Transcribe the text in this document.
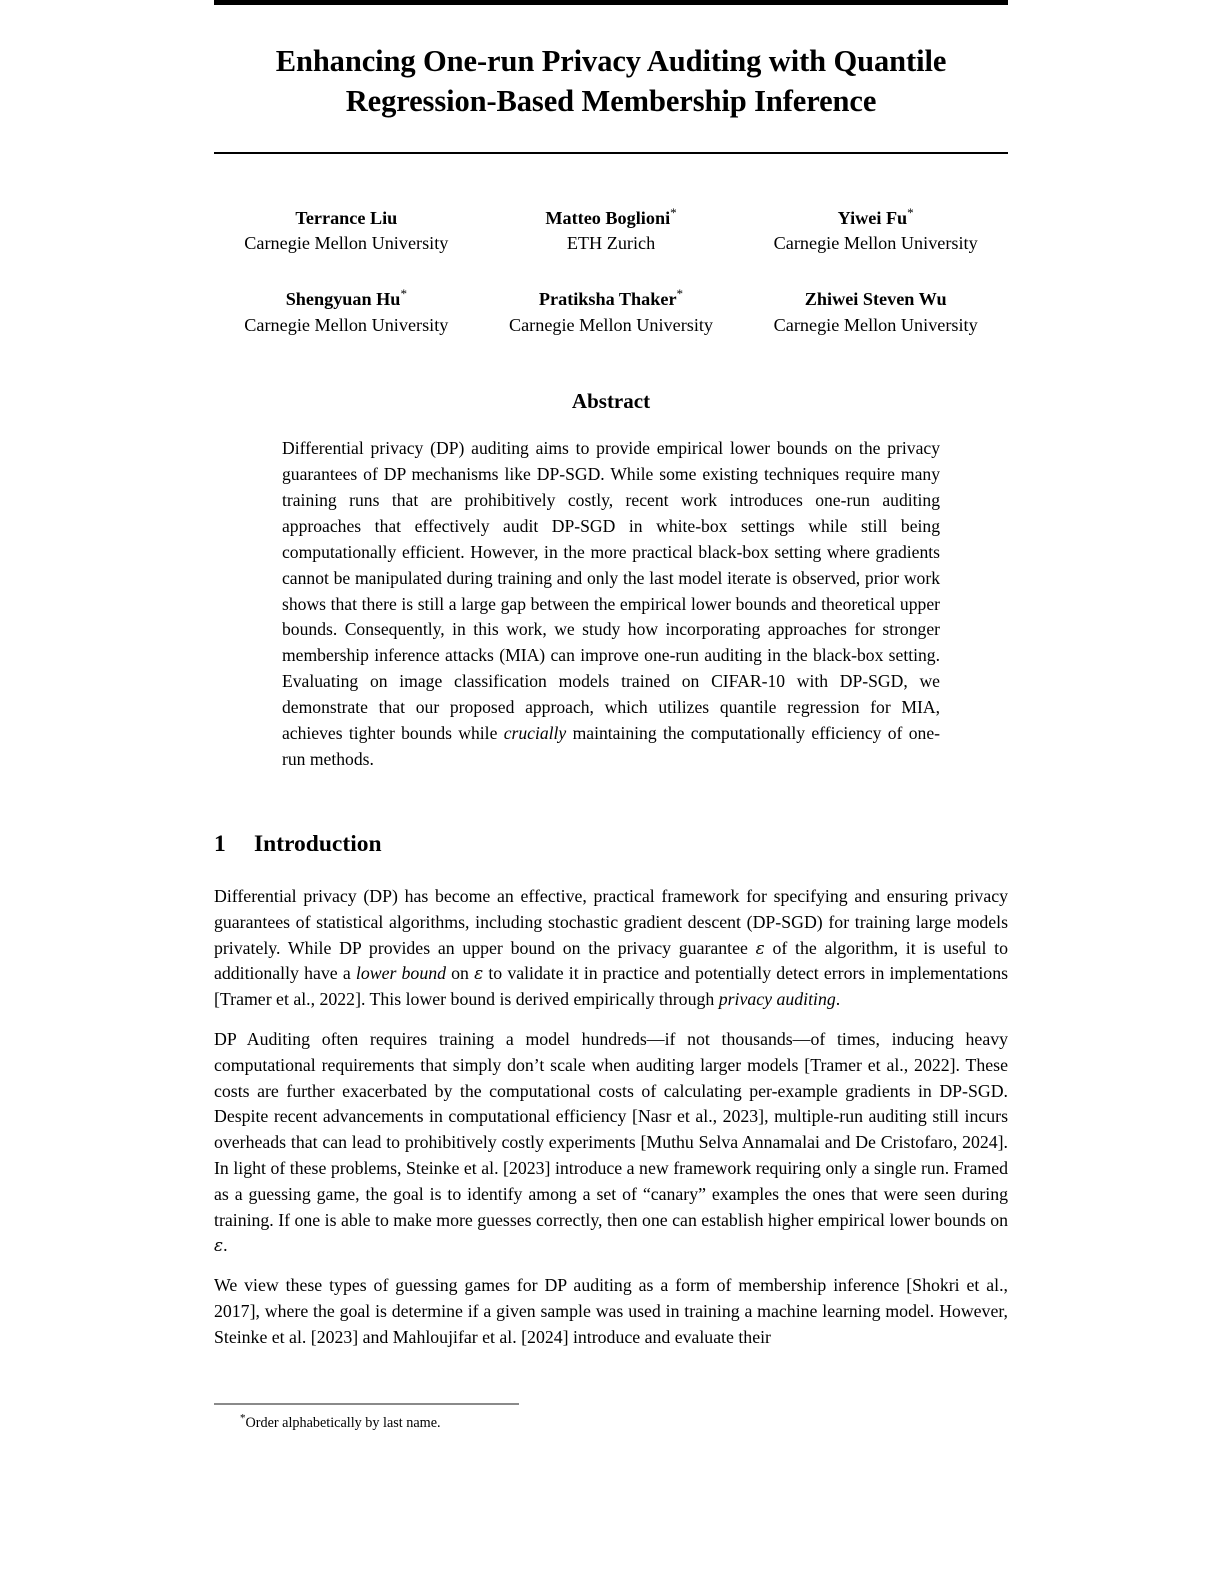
Enhancing One-run Privacy Auditing with Quantile
Regression-Based Membership Inference
Terrance Liu
Carnegie Mellon University
Matteo Boglioni*
ETH Zurich
Yiwei Fu*
Carnegie Mellon University
Shengyuan Hu*
Carnegie Mellon University
Pratiksha Thaker*
Carnegie Mellon University
Zhiwei Steven Wu
Carnegie Mellon University
Abstract
Differential privacy (DP) auditing aims to provide empirical lower bounds on the privacy guarantees of DP mechanisms like DP-SGD. While some existing techniques require many training runs that are prohibitively costly, recent work introduces one-run auditing approaches that effectively audit DP-SGD in white-box settings while still being computationally efficient. However, in the more practical black-box setting where gradients cannot be manipulated during training and only the last model iterate is observed, prior work shows that there is still a large gap between the empirical lower bounds and theoretical upper bounds. Consequently, in this work, we study how incorporating approaches for stronger membership inference attacks (MIA) can improve one-run auditing in the black-box setting. Evaluating on image classification models trained on CIFAR-10 with DP-SGD, we demonstrate that our proposed approach, which utilizes quantile regression for MIA, achieves tighter bounds while crucially maintaining the computationally efficiency of one-run methods.
1 Introduction
Differential privacy (DP) has become an effective, practical framework for specifying and ensuring privacy guarantees of statistical algorithms, including stochastic gradient descent (DP-SGD) for training large models privately. While DP provides an upper bound on the privacy guarantee ε of the algorithm, it is useful to additionally have a lower bound on ε to validate it in practice and potentially detect errors in implementations [Tramer et al., 2022]. This lower bound is derived empirically through privacy auditing.
DP Auditing often requires training a model hundreds—if not thousands—of times, inducing heavy computational requirements that simply don’t scale when auditing larger models [Tramer et al., 2022]. These costs are further exacerbated by the computational costs of calculating per-example gradients in DP-SGD. Despite recent advancements in computational efficiency [Nasr et al., 2023], multiple-run auditing still incurs overheads that can lead to prohibitively costly experiments [Muthu Selva Annamalai and De Cristofaro, 2024]. In light of these problems, Steinke et al. [2023] introduce a new framework requiring only a single run. Framed as a guessing game, the goal is to identify among a set of “canary” examples the ones that were seen during training. If one is able to make more guesses correctly, then one can establish higher empirical lower bounds on ε.
We view these types of guessing games for DP auditing as a form of membership inference [Shokri et al., 2017], where the goal is determine if a given sample was used in training a machine learning model. However, Steinke et al. [2023] and Mahloujifar et al. [2024] introduce and evaluate their
*Order alphabetically by last name.
